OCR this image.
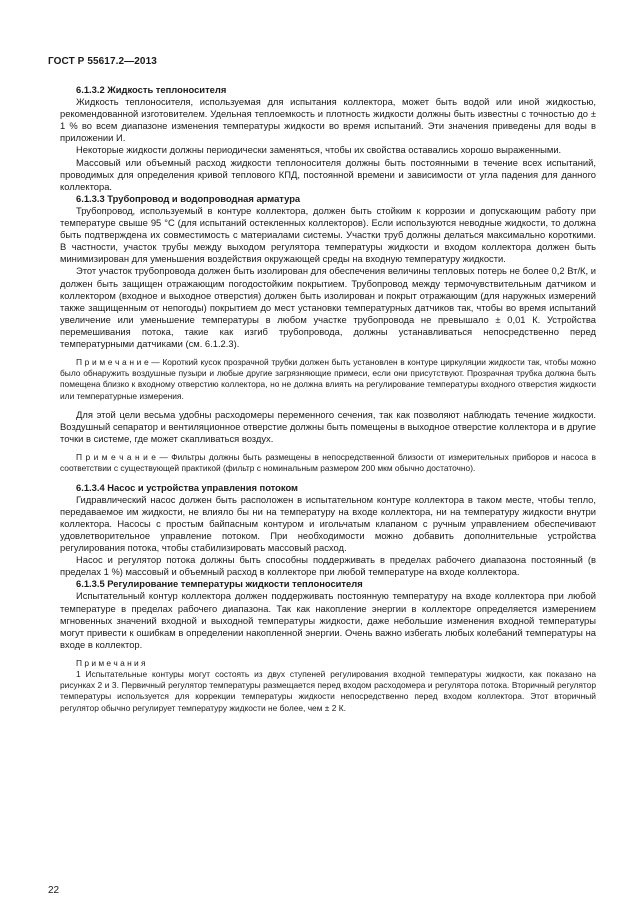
ГОСТ Р 55617.2—2013

6.1.3.2 Жидкость теплоносителя

Жидкость теплоносителя, используемая для испытания коллектора, может быть водой или иной жидкостью, рекомендованной изготовителем. Удельная теплоемкость и плотность жидкости должны быть известны с точностью до ± 1 % во всем диапазоне изменения температуры жидкости во время испытаний. Эти значения приведены для воды в приложении И.

Некоторые жидкости должны периодически заменяться, чтобы их свойства оставались хорошо выраженными.

Массовый или объемный расход жидкости теплоносителя должны быть постоянными в течение всех испытаний, проводимых для определения кривой теплового КПД, постоянной времени и зависимости от угла падения для данного коллектора.

6.1.3.3 Трубопровод и водопроводная арматура

Трубопровод, используемый в контуре коллектора, должен быть стойким к коррозии и допускающим работу при температуре свыше 95 °С (для испытаний остекленных коллекторов). Если используются неводные жидкости, то должна быть подтверждена их совместимость с материалами системы. Участки труб должны делаться максимально короткими. В частности, участок трубы между выходом регулятора температуры жидкости и входом коллектора должен быть минимизирован для уменьшения воздействия окружающей среды на входную температуру жидкости.

Этот участок трубопровода должен быть изолирован для обеспечения величины тепловых потерь не более 0,2 Вт/К, и должен быть защищен отражающим погодостойким покрытием. Трубопровод между термочувствительным датчиком и коллектором (входное и выходное отверстия) должен быть изолирован и покрыт отражающим (для наружных измерений также защищенным от непогоды) покрытием до мест установки температурных датчиков так, чтобы во время испытаний увеличение или уменьшение температуры в любом участке трубопровода не превышало ± 0,01 К. Устройства перемешивания потока, такие как изгиб трубопровода, должны устанавливаться непосредственно перед температурными датчиками (см. 6.1.2.3).

П р и м е ч а н и е — Короткий кусок прозрачной трубки должен быть установлен в контуре циркуляции жидкости так, чтобы можно было обнаружить воздушные пузыри и любые другие загрязняющие примеси, если они присутствуют. Прозрачная трубка должна быть помещена близко к входному отверстию коллектора, но не должна влиять на регулирование температуры входного отверстия жидкости или температурные измерения.

Для этой цели весьма удобны расходомеры переменного сечения, так как позволяют наблюдать течение жидкости. Воздушный сепаратор и вентиляционное отверстие должны быть помещены в выходное отверстие коллектора и в другие точки в системе, где может скапливаться воздух.

П р и м е ч а н и е — Фильтры должны быть размещены в непосредственной близости от измерительных приборов и насоса в соответствии с существующей практикой (фильтр с номинальным размером 200 мкм обычно достаточно).

6.1.3.4 Насос и устройства управления потоком

Гидравлический насос должен быть расположен в испытательном контуре коллектора в таком месте, чтобы тепло, передаваемое им жидкости, не влияло бы ни на температуру на входе коллектора, ни на температуру жидкости внутри коллектора. Насосы с простым байпасным контуром и игольчатым клапаном с ручным управлением обеспечивают удовлетворительное управление потоком. При необходимости можно добавить дополнительные устройства регулирования потока, чтобы стабилизировать массовый расход.

Насос и регулятор потока должны быть способны поддерживать в пределах рабочего диапазона постоянный (в пределах 1 %) массовый и объемный расход в коллекторе при любой температуре на входе коллектора.

6.1.3.5 Регулирование температуры жидкости теплоносителя

Испытательный контур коллектора должен поддерживать постоянную температуру на входе коллектора при любой температуре в пределах рабочего диапазона. Так как накопление энергии в коллекторе определяется измерением мгновенных значений входной и выходной температуры жидкости, даже небольшие изменения входной температуры могут привести к ошибкам в определении накопленной энергии. Очень важно избегать любых колебаний температуры на входе в коллектор.

П р и м е ч а н и я

1 Испытательные контуры могут состоять из двух ступеней регулирования входной температуры жидкости, как показано на рисунках 2 и 3. Первичный регулятор температуры размещается перед входом расходомера и регулятора потока. Вторичный регулятор температуры используется для коррекции температуры жидкости непосредственно перед входом коллектора. Этот вторичный регулятор обычно регулирует температуру жидкости не более, чем ± 2 К.

22
